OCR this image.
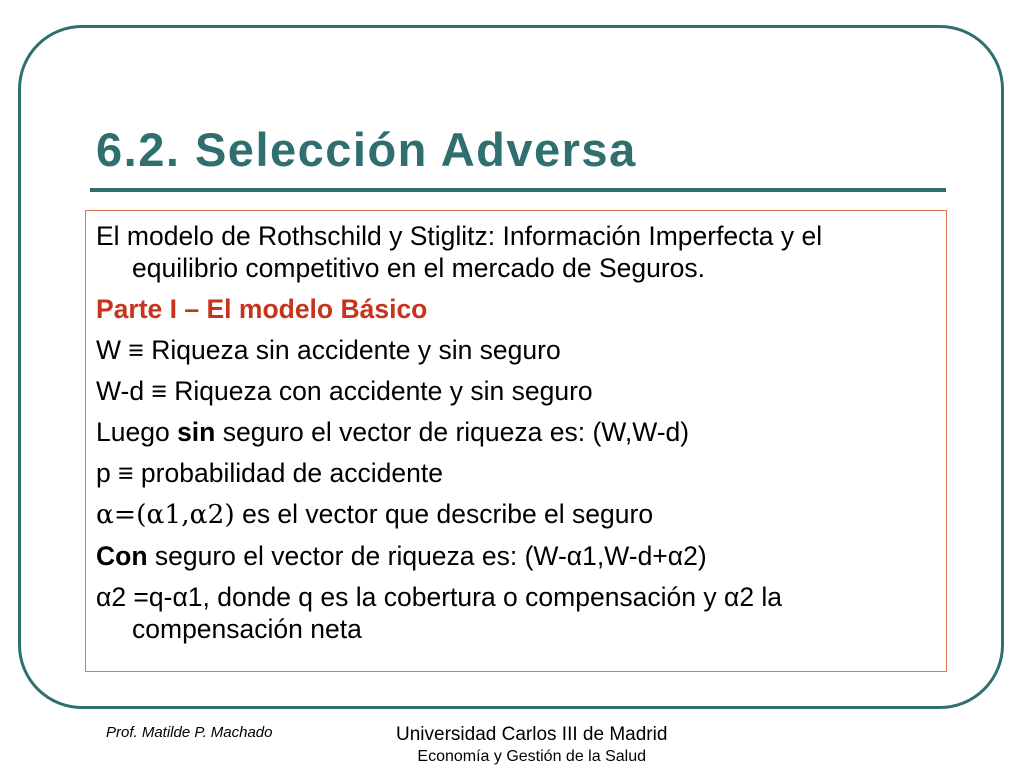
6.2. Selección Adversa

El modelo de Rothschild y Stiglitz: Información Imperfecta y el equilibrio competitivo en el mercado de Seguros.

Parte I – El modelo Básico

W ≡ Riqueza sin accidente y sin seguro

W-d ≡ Riqueza con accidente y sin seguro

Luego sin seguro el vector de riqueza es: (W,W-d)

p ≡ probabilidad de accidente

α=(α1,α2) es el vector que describe el seguro

Con seguro el vector de riqueza es: (W-α1,W-d+α2)

α2 =q-α1, donde q es la cobertura o compensación y α2 la compensación neta

Prof. Matilde P. Machado	Universidad Carlos III de Madrid
Economía y Gestión de la Salud
